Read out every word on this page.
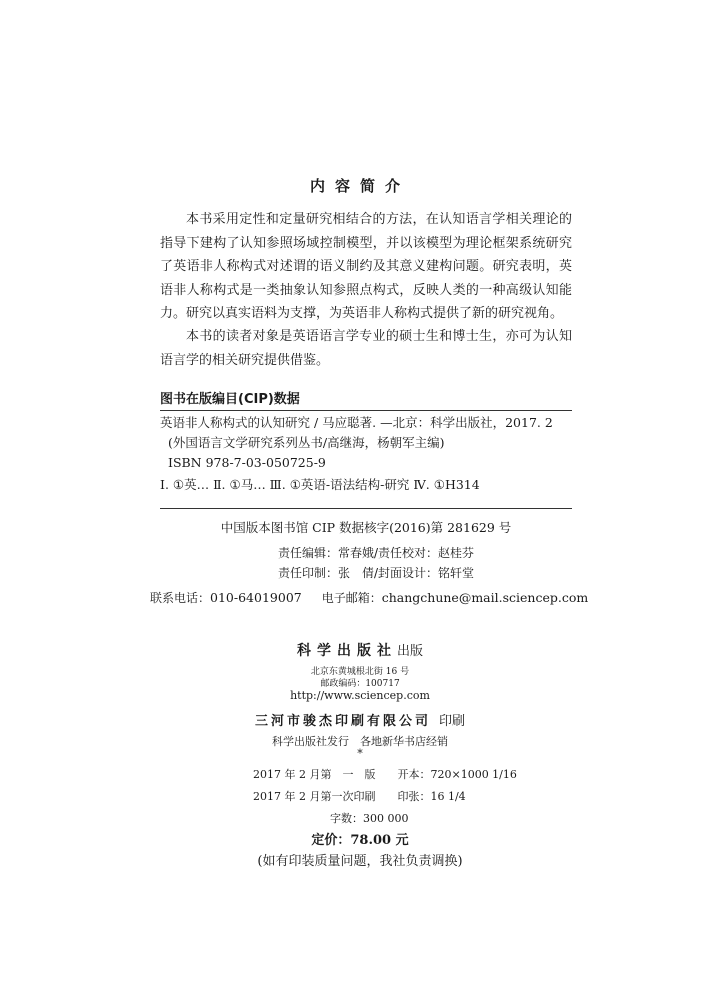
内容简介

本书采用定性和定量研究相结合的方法，在认知语言学相关理论的指导下建构了认知参照场域控制模型，并以该模型为理论框架系统研究了英语非人称构式对述谓的语义制约及其意义建构问题。研究表明，英语非人称构式是一类抽象认知参照点构式，反映人类的一种高级认知能力。研究以真实语料为支撑，为英语非人称构式提供了新的研究视角。

本书的读者对象是英语语言学专业的硕士生和博士生，亦可为认知语言学的相关研究提供借鉴。

图书在版编目(CIP)数据
英语非人称构式的认知研究 / 马应聪著. —北京：科学出版社，2017. 2
(外国语言文学研究系列丛书/高继海，杨朝军主编)
ISBN 978-7-03-050725-9
Ⅰ. ①英… Ⅱ. ①马… Ⅲ. ①英语-语法结构-研究 Ⅳ. ①H314
中国版本图书馆 CIP 数据核字(2016)第 281629 号
责任编辑：常春娥/责任校对：赵桂芬
责任印制：张　倩/封面设计：铭轩堂
联系电话：010-64019007 电子邮箱：changchune@mail.sciencep.com
科学出版社出版
北京东黄城根北街 16 号
邮政编码：100717
http://www.sciencep.com
三河市骏杰印刷有限公司 印刷
科学出版社发行　各地新华书店经销
*
2017 年 2 月第　一　版　　开本：720×1000 1/16
2017 年 2 月第一次印刷　　印张：16 1/4
字数：300 000
定价：78.00 元
(如有印装质量问题，我社负责调换)
